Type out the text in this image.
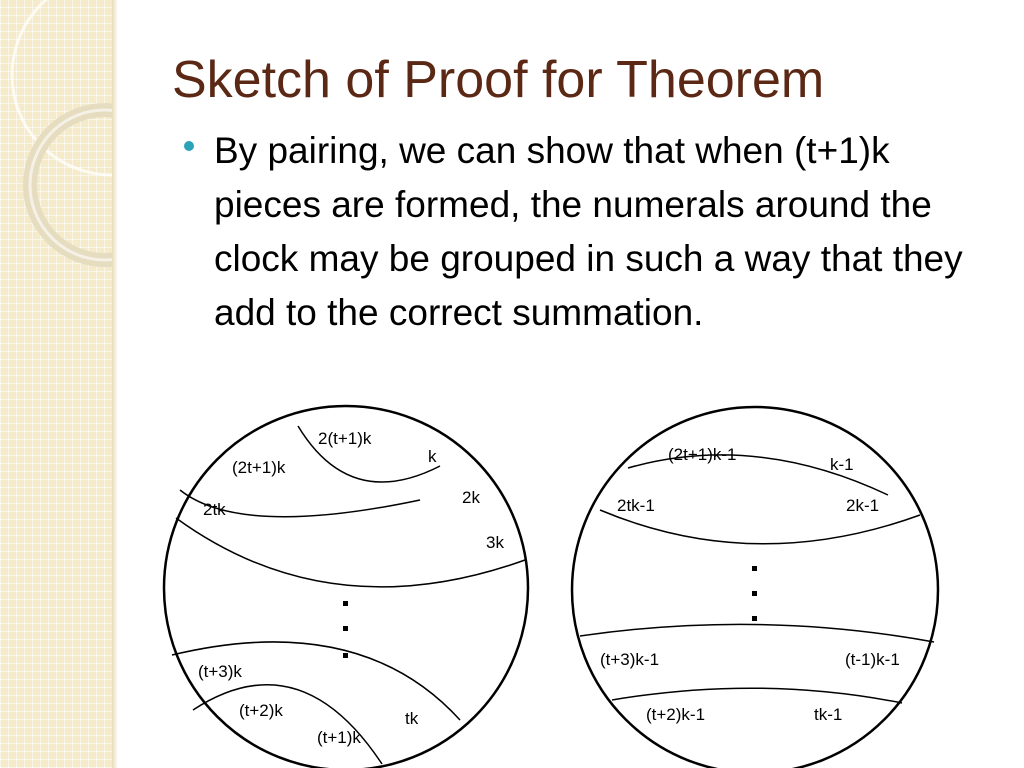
Sketch of Proof for Theorem

By pairing, we can show that when (t+1)k pieces are formed, the numerals around the clock may be grouped in such a way that they add to the correct summation.

2(t+1)k
k
(2t+1)k
2k
2tk
3k
(t+3)k
(t+2)k	tk
(t+1)k
(2t+1)k-1
k-1
2tk-1	2k-1
(t+3)k-1	(t-1)k-1
(t+2)k-1	tk-1
